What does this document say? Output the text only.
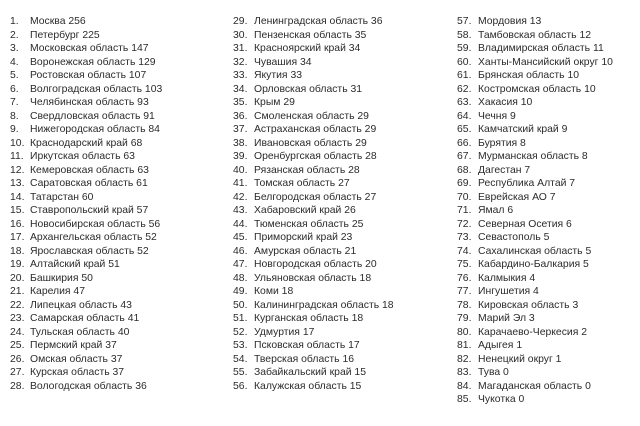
1 .	Москва 256
2 .	Петербург 225
3 .	Московская область 147
4 .	Воронежская область 129
5 .	Ростовская область 107
6 .	Волгоградская область 103
7 .	Челябинская область 93
8 .	Свердловская область 91
9 .	Нижегородская область 84
10 . Краснодарский край 68
11 . Иркутская область 63
12 . Кемеровская область 63
13 . Саратовская область 61
14 . Татарстан 60
15 . Ставропольский край 57
16 . Новосибирская область 56
17 . Архангельская область 52
18 . Ярославская область 52
19 . Алтайский край 51
20 . Башкирия 50
21 . Карелия 47
22 . Липецкая область 43
23 . Самарская область 41
24 . Тульская область 40
25 . Пермский край 37
26 . Омская область 37
27 . Курская область 37
28 . Вологодская область 36
29 . Ленинградская область 36
30 . Пензенская область 35
31 . Красноярский край 34
32 . Чувашия 34
33 . Якутия 33
34 . Орловская область 31
35 . Крым 29
36 . Смоленская область 29
37 . Астраханская область 29
38 . Ивановская область 29
39 . Оренбургская область 28
40 . Рязанская область 28
41 . Томская область 27
42 . Белгородская область 27
43 . Хабаровский край 26
44 . Тюменская область 25
45 . Приморский край 23
46 . Амурская область 21
47 . Новгородская область 20
48 . Ульяновская область 18
49 . Коми 18
50 . Калининградская область 18
51 . Курганская область 18
52 . Удмуртия 17
53 . Псковская область 17
54 . Тверская область 16
55 . Забайкальский край 15
56 . Калужская область 15
57 . Мордовия 13
58 . Тамбовская область 12
59 . Владимирская область 11
60 . Ханты-Мансийский округ 10
61 . Брянская область 10
62 . Костромская область 10
63 . Хакасия 10
64 . Чечня 9
65 . Камчатский край 9
66 . Бурятия 8
67 . Мурманская область 8
68 . Дагестан 7
69 . Республика Алтай 7
70 . Еврейская АО 7
71 . Ямал 6
72 . Северная Осетия 6
73 . Севастополь 5
74 . Сахалинская область 5
75 . Кабардино-Балкария 5
76 . Калмыкия 4
77 . Ингушетия 4
78 . Кировская область 3
79 . Марий Эл 3
80 . Карачаево-Черкесия 2
81 . Адыгея 1
82 . Ненецкий округ 1
83 . Тува 0
84 . Магаданская область 0
85 . Чукотка 0
